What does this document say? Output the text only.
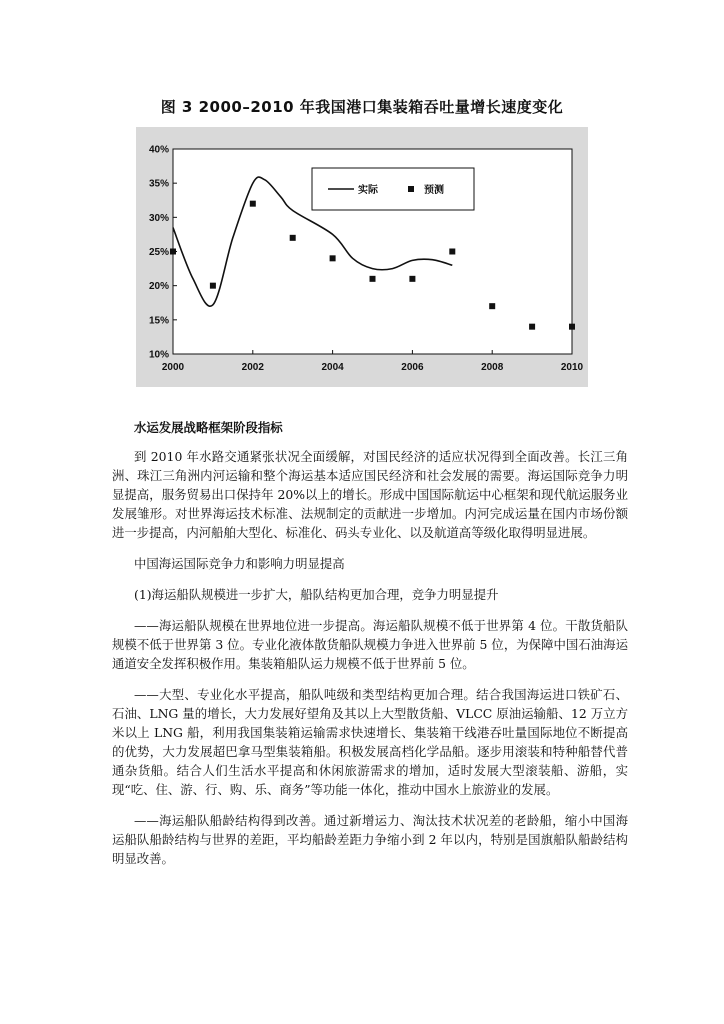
图 3 2000–2010 年我国港口集装箱吞吐量增长速度变化
10%
15%
20%
25%
30%
35%
40%
2000	2002	2004	2006	2008	2010
实际	预测
水运发展战略框架阶段指标

到 2010 年水路交通紧张状况全面缓解，对国民经济的适应状况得到全面改善。长江三角洲、珠江三角洲内河运输和整个海运基本适应国民经济和社会发展的需要。海运国际竞争力明显提高，服务贸易出口保持年 20%以上的增长。形成中国国际航运中心框架和现代航运服务业发展雏形。对世界海运技术标准、法规制定的贡献进一步增加。内河完成运量在国内市场份额进一步提高，内河船舶大型化、标准化、码头专业化、以及航道高等级化取得明显进展。

中国海运国际竞争力和影响力明显提高

(1)海运船队规模进一步扩大，船队结构更加合理，竞争力明显提升

——海运船队规模在世界地位进一步提高。海运船队规模不低于世界第 4 位。干散货船队规模不低于世界第 3 位。专业化液体散货船队规模力争进入世界前 5 位，为保障中国石油海运通道安全发挥积极作用。集装箱船队运力规模不低于世界前 5 位。

——大型、专业化水平提高，船队吨级和类型结构更加合理。结合我国海运进口铁矿石、石油、LNG 量的增长，大力发展好望角及其以上大型散货船、VLCC 原油运输船、12 万立方米以上 LNG 船，利用我国集装箱运输需求快速增长、集装箱干线港吞吐量国际地位不断提高的优势，大力发展超巴拿马型集装箱船。积极发展高档化学品船。逐步用滚装和特种船替代普通杂货船。结合人们生活水平提高和休闲旅游需求的增加，适时发展大型滚装船、游船，实现“吃、住、游、行、购、乐、商务”等功能一体化，推动中国水上旅游业的发展。

——海运船队船龄结构得到改善。通过新增运力、淘汰技术状况差的老龄船，缩小中国海运船队船龄结构与世界的差距，平均船龄差距力争缩小到 2 年以内，特别是国旗船队船龄结构明显改善。
